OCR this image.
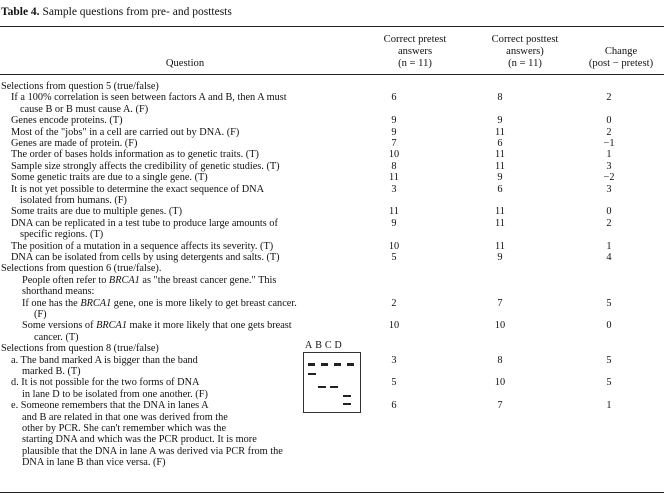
Table 4. Sample questions from pre- and posttests
Question
Correct pretest
answers
(n = 11)
Correct posttest
answers)
(n = 11)
Change
(post − pretest)
Selections from question 5 (true/false)
If a 100% correlation is seen between factors A and B, then A must
cause B or B must cause A. (F)
6	8	2
Genes encode proteins. (T)	9	9	0
Most of the "jobs" in a cell are carried out by DNA. (F)	9	11	2
Genes are made of protein. (F)	7	6	−1
The order of bases holds information as to genetic traits. (T)	10	11	1
Sample size strongly affects the credibility of genetic studies. (T)	8	11	3
Some genetic traits are due to a single gene. (T)	11	9	−2
It is not yet possible to determine the exact sequence of DNA
isolated from humans. (F)
3	6	3
Some traits are due to multiple genes. (T)	11	11	0
DNA can be replicated in a test tube to produce large amounts of
specific regions. (T)
9	11	2
The position of a mutation in a sequence affects its severity. (T)	10	11	1
DNA can be isolated from cells by using detergents and salts. (T)	5	9	4
Selections from question 6 (true/false).
People often refer to BRCA1 as "the breast cancer gene." This
shorthand means:
If one has the BRCA1 gene, one is more likely to get breast cancer.
(F)
2	7	5
Some versions of BRCA1 make it more likely that one gets breast
cancer. (T)
10	10	0
Selections from question 8 (true/false)
a. The band marked A is bigger than the band
marked B. (T)
3	8	5
d. It is not possible for the two forms of DNA
in lane D to be isolated from one another. (F)
5	10	5
e. Someone remembers that the DNA in lanes A
and B are related in that one was derived from the
other by PCR. She can't remember which was the
starting DNA and which was the PCR product. It is more
plausible that the DNA in lane A was derived via PCR from the
DNA in lane B than vice versa. (F)
6	7	1
ABCD
